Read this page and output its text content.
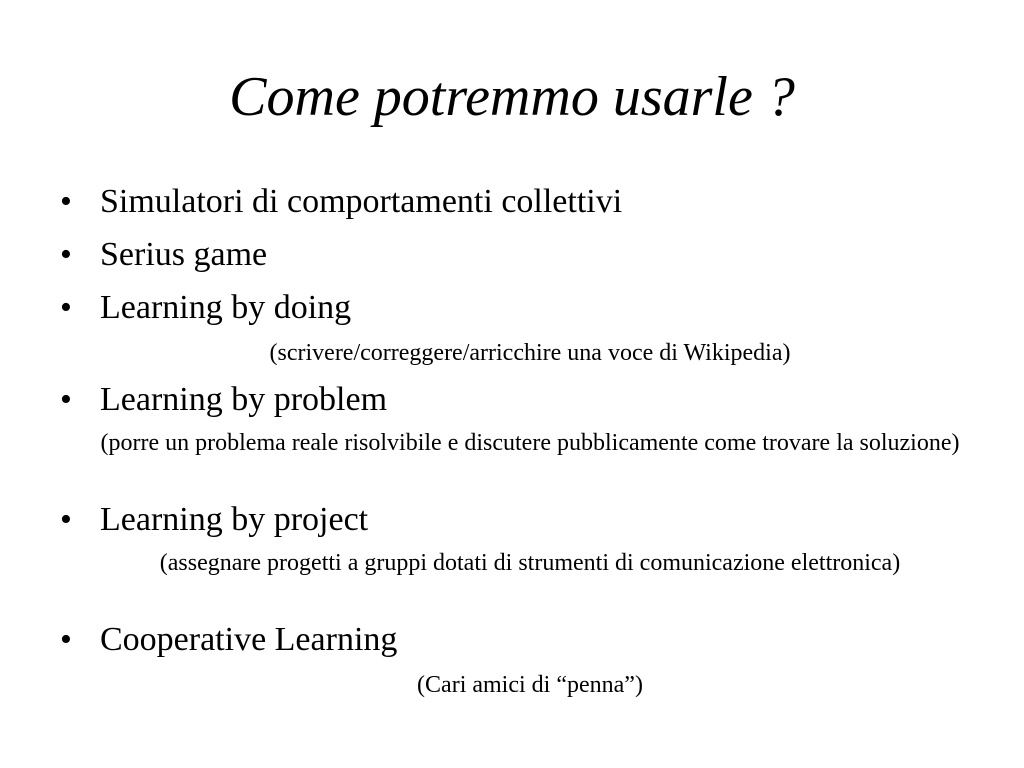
Come potremmo usarle ?
• Simulatori di comportamenti collettivi
• Serius game
• Learning by doing
(scrivere/correggere/arricchire una voce di Wikipedia)
• Learning by problem
(porre un problema reale risolvibile e discutere pubblicamente come trovare la soluzione)
• Learning by project
(assegnare progetti a gruppi dotati di strumenti di comunicazione elettronica)
• Cooperative Learning
(Cari amici di “penna”)
